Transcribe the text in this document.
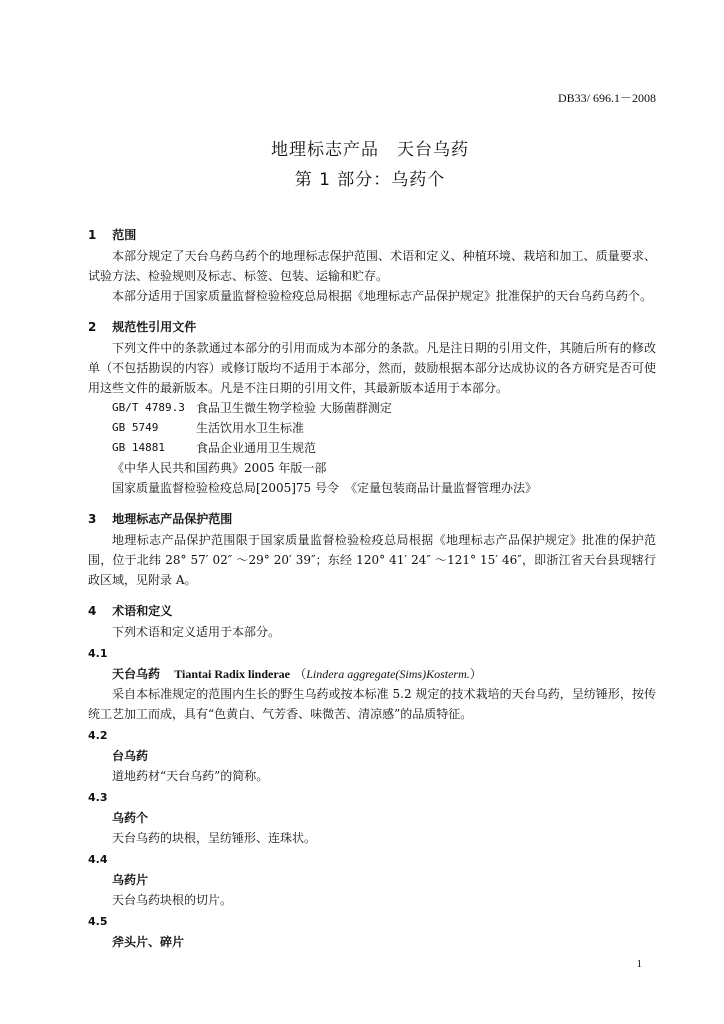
DB33/ 696.1－2008
地理标志产品　天台乌药
第 1 部分：乌药个
1 范围
本部分规定了天台乌药乌药个的地理标志保护范围、术语和定义、种植环境、栽培和加工、质量要求、试验方法、检验规则及标志、标签、包装、运输和贮存。
本部分适用于国家质量监督检验检疫总局根据《地理标志产品保护规定》批准保护的天台乌药乌药个。
2 规范性引用文件
下列文件中的条款通过本部分的引用而成为本部分的条款。凡是注日期的引用文件，其随后所有的修改单（不包括勘误的内容）或修订版均不适用于本部分，然而，鼓励根据本部分达成协议的各方研究是否可使用这些文件的最新版本。凡是不注日期的引用文件，其最新版本适用于本部分。
GB/T 4789.3 食品卫生微生物学检验 大肠菌群测定
GB 5749	生活饮用水卫生标准
GB 14881	食品企业通用卫生规范
《中华人民共和国药典》2005 年版一部
国家质量监督检验检疫总局[2005]75 号令　《定量包装商品计量监督管理办法》
3 地理标志产品保护范围
地理标志产品保护范围限于国家质量监督检验检疫总局根据《地理标志产品保护规定》批准的保护范围，位于北纬 28° 57′ 02″ ～29° 20′ 39″；东经 120° 41′ 24″ ～121° 15′ 46″，即浙江省天台县现辖行政区域，见附录 A。
4 术语和定义
下列术语和定义适用于本部分。
4.1
天台乌药 Tiantai Radix linderae （Lindera aggregate(Sims)Kosterm.）
采自本标准规定的范围内生长的野生乌药或按本标准 5.2 规定的技术栽培的天台乌药，呈纺锤形，按传统工艺加工而成，具有“色黄白、气芳香、味微苦、清凉感”的品质特征。
4.2
台乌药
道地药材“天台乌药”的简称。
4.3
乌药个
天台乌药的块根，呈纺锤形、连珠状。
4.4
乌药片
天台乌药块根的切片。
4.5
斧头片、碎片
1
